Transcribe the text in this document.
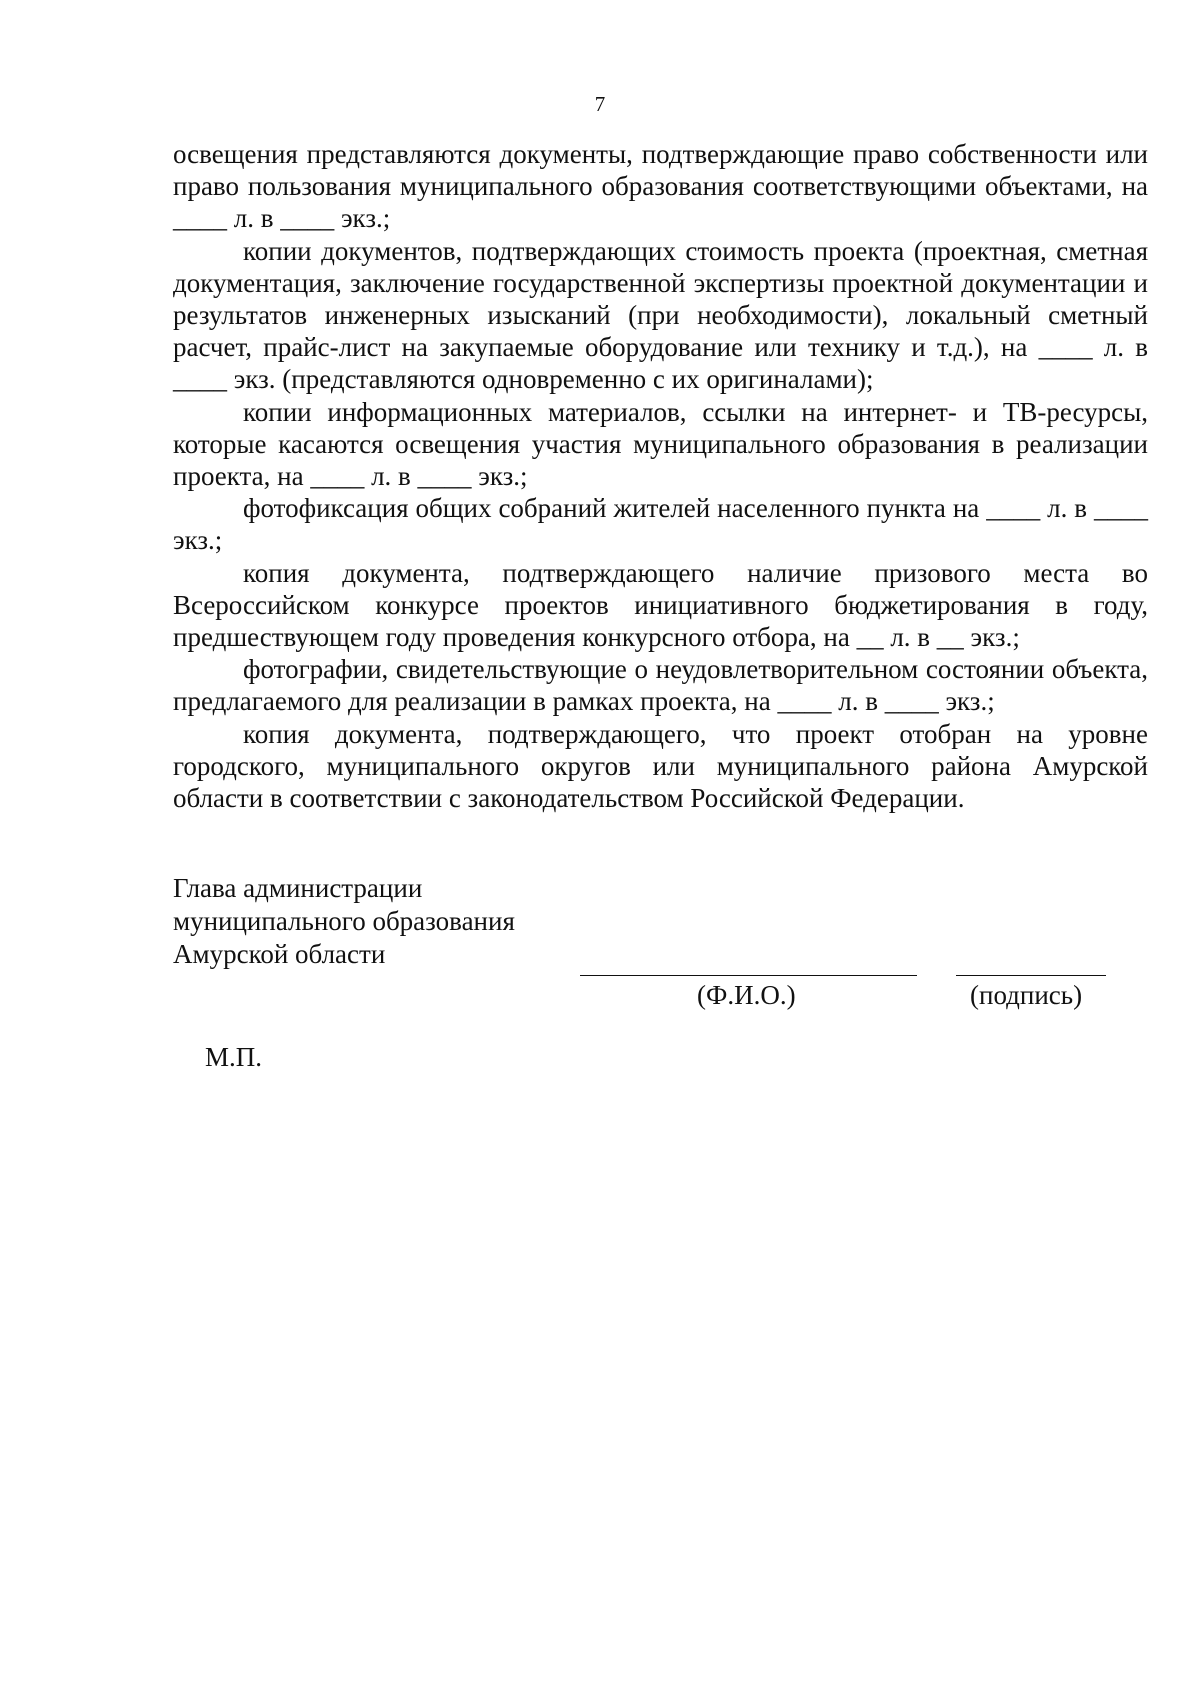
7

освещения представляются документы, подтверждающие право собственности или право пользования муниципального образования соответствующими объектами, на ____ л. в ____ экз.;

копии документов, подтверждающих стоимость проекта (проектная, сметная документация, заключение государственной экспертизы проектной документации и результатов инженерных изысканий (при необходимости), локальный сметный расчет, прайс-лист на закупаемые оборудование или технику и т.д.), на ____ л. в ____ экз. (представляются одновременно с их оригиналами);

копии информационных материалов, ссылки на интернет- и ТВ-ресурсы, которые касаются освещения участия муниципального образования в реализации проекта, на ____ л. в ____ экз.;

фотофиксация общих собраний жителей населенного пункта на ____ л. в ____ экз.;

копия документа, подтверждающего наличие призового места во Всероссийском конкурсе проектов инициативного бюджетирования в году, предшествующем году проведения конкурсного отбора, на __ л. в __ экз.;

фотографии, свидетельствующие о неудовлетворительном состоянии объекта, предлагаемого для реализации в рамках проекта, на ____ л. в ____ экз.;

копия документа, подтверждающего, что проект отобран на уровне городского, муниципального округов или муниципального района Амурской области в соответствии с законодательством Российской Федерации.

Глава администрации
муниципального образования
Амурской области
(Ф.И.О.)	(подпись)
М.П.
